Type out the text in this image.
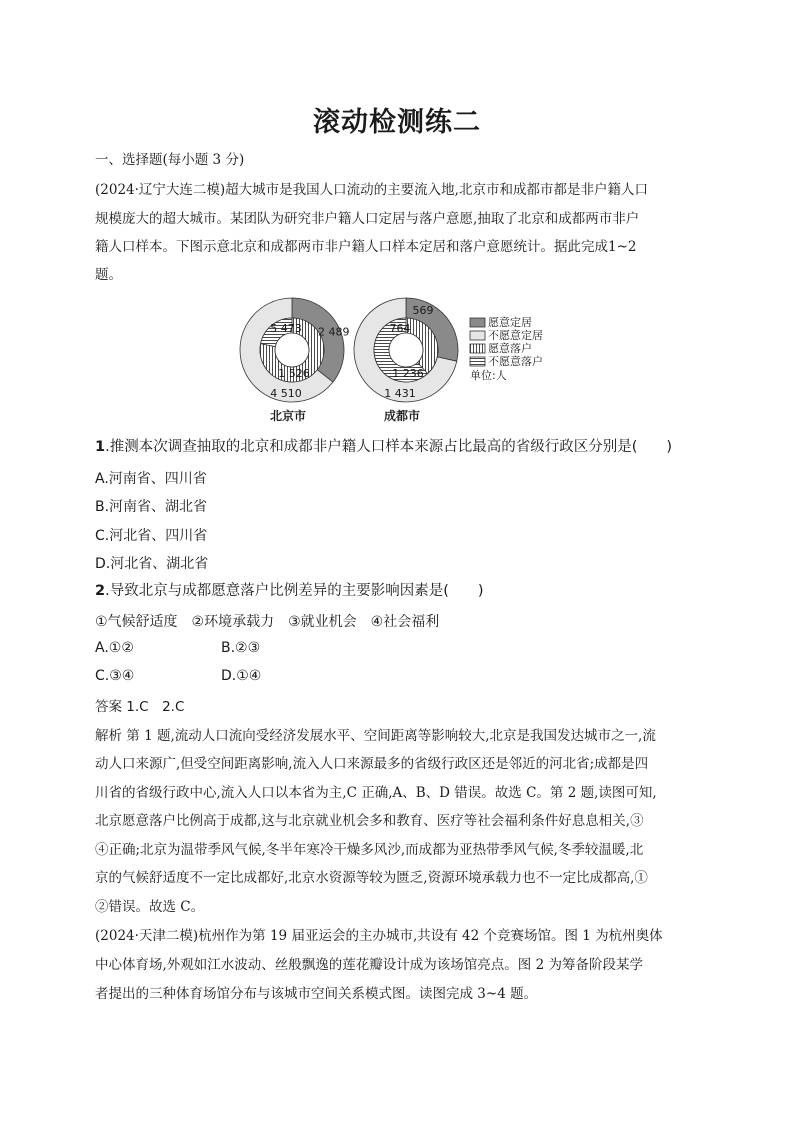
滚动检测练二
一、选择题(每小题 3 分)
(2024·辽宁大连二模)超大城市是我国人口流动的主要流入地,北京市和成都市都是非户籍人口
规模庞大的超大城市。某团队为研究非户籍人口定居与落户意愿,抽取了北京和成都两市非户
籍人口样本。下图示意北京和成都两市非户籍人口样本定居和落户意愿统计。据此完成1~2
题。
2 489
4 510
5 473
1 526
北京市
569
1 431
764
1 236
成都市
愿意定居
不愿意定居
愿意落户
不愿意落户
单位:人
1.推测本次调查抽取的北京和成都非户籍人口样本来源占比最高的省级行政区分别是(　　)
A.河南省、四川省
B.河南省、湖北省
C.河北省、四川省
D.河北省、湖北省
2.导致北京与成都愿意落户比例差异的主要影响因素是(　　)
①气候舒适度　②环境承载力　③就业机会　④社会福利
A.①②	B.②③
C.③④	D.①④
答案 1.C　2.C
解析 第 1 题,流动人口流向受经济发展水平、空间距离等影响较大,北京是我国发达城市之一,流
动人口来源广,但受空间距离影响,流入人口来源最多的省级行政区还是邻近的河北省;成都是四
川省的省级行政中心,流入人口以本省为主,C 正确,A、B、D 错误。故选 C。第 2 题,读图可知,
北京愿意落户比例高于成都,这与北京就业机会多和教育、医疗等社会福利条件好息息相关,③
④正确;北京为温带季风气候,冬半年寒冷干燥多风沙,而成都为亚热带季风气候,冬季较温暖,北
京的气候舒适度不一定比成都好,北京水资源等较为匮乏,资源环境承载力也不一定比成都高,①
②错误。故选 C。
(2024·天津二模)杭州作为第 19 届亚运会的主办城市,共设有 42 个竞赛场馆。图 1 为杭州奥体
中心体育场,外观如江水波动、丝般飘逸的莲花瓣设计成为该场馆亮点。图 2 为筹备阶段某学
者提出的三种体育场馆分布与该城市空间关系模式图。读图完成 3~4 题。
